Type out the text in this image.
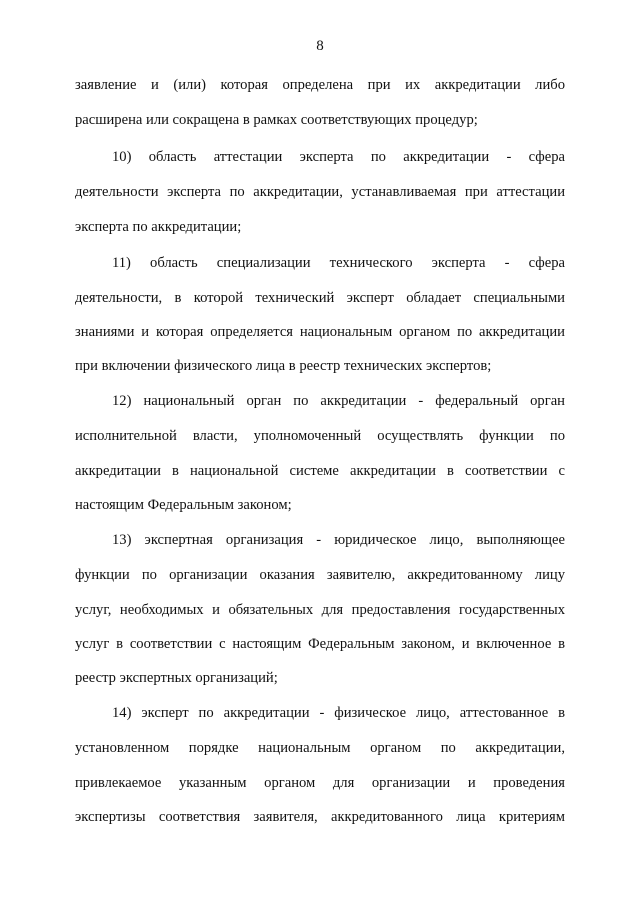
8
заявление и (или) которая определена при их аккредитации либо
расширена или сокращена в рамках соответствующих процедур;
10) область аттестации эксперта по аккредитации - сфера
деятельности эксперта по аккредитации, устанавливаемая при аттестации
эксперта по аккредитации;
11) область специализации технического эксперта - сфера
деятельности, в которой технический эксперт обладает специальными
знаниями и которая определяется национальным органом по аккредитации
при включении физического лица в реестр технических экспертов;
12) национальный орган по аккредитации - федеральный орган
исполнительной власти, уполномоченный осуществлять функции по
аккредитации в национальной системе аккредитации в соответствии с
настоящим Федеральным законом;
13) экспертная организация - юридическое лицо, выполняющее
функции по организации оказания заявителю, аккредитованному лицу
услуг, необходимых и обязательных для предоставления государственных
услуг в соответствии с настоящим Федеральным законом, и включенное в
реестр экспертных организаций;
14) эксперт по аккредитации - физическое лицо, аттестованное в
установленном порядке национальным органом по аккредитации,
привлекаемое указанным органом для организации и проведения
экспертизы соответствия заявителя, аккредитованного лица критериям
